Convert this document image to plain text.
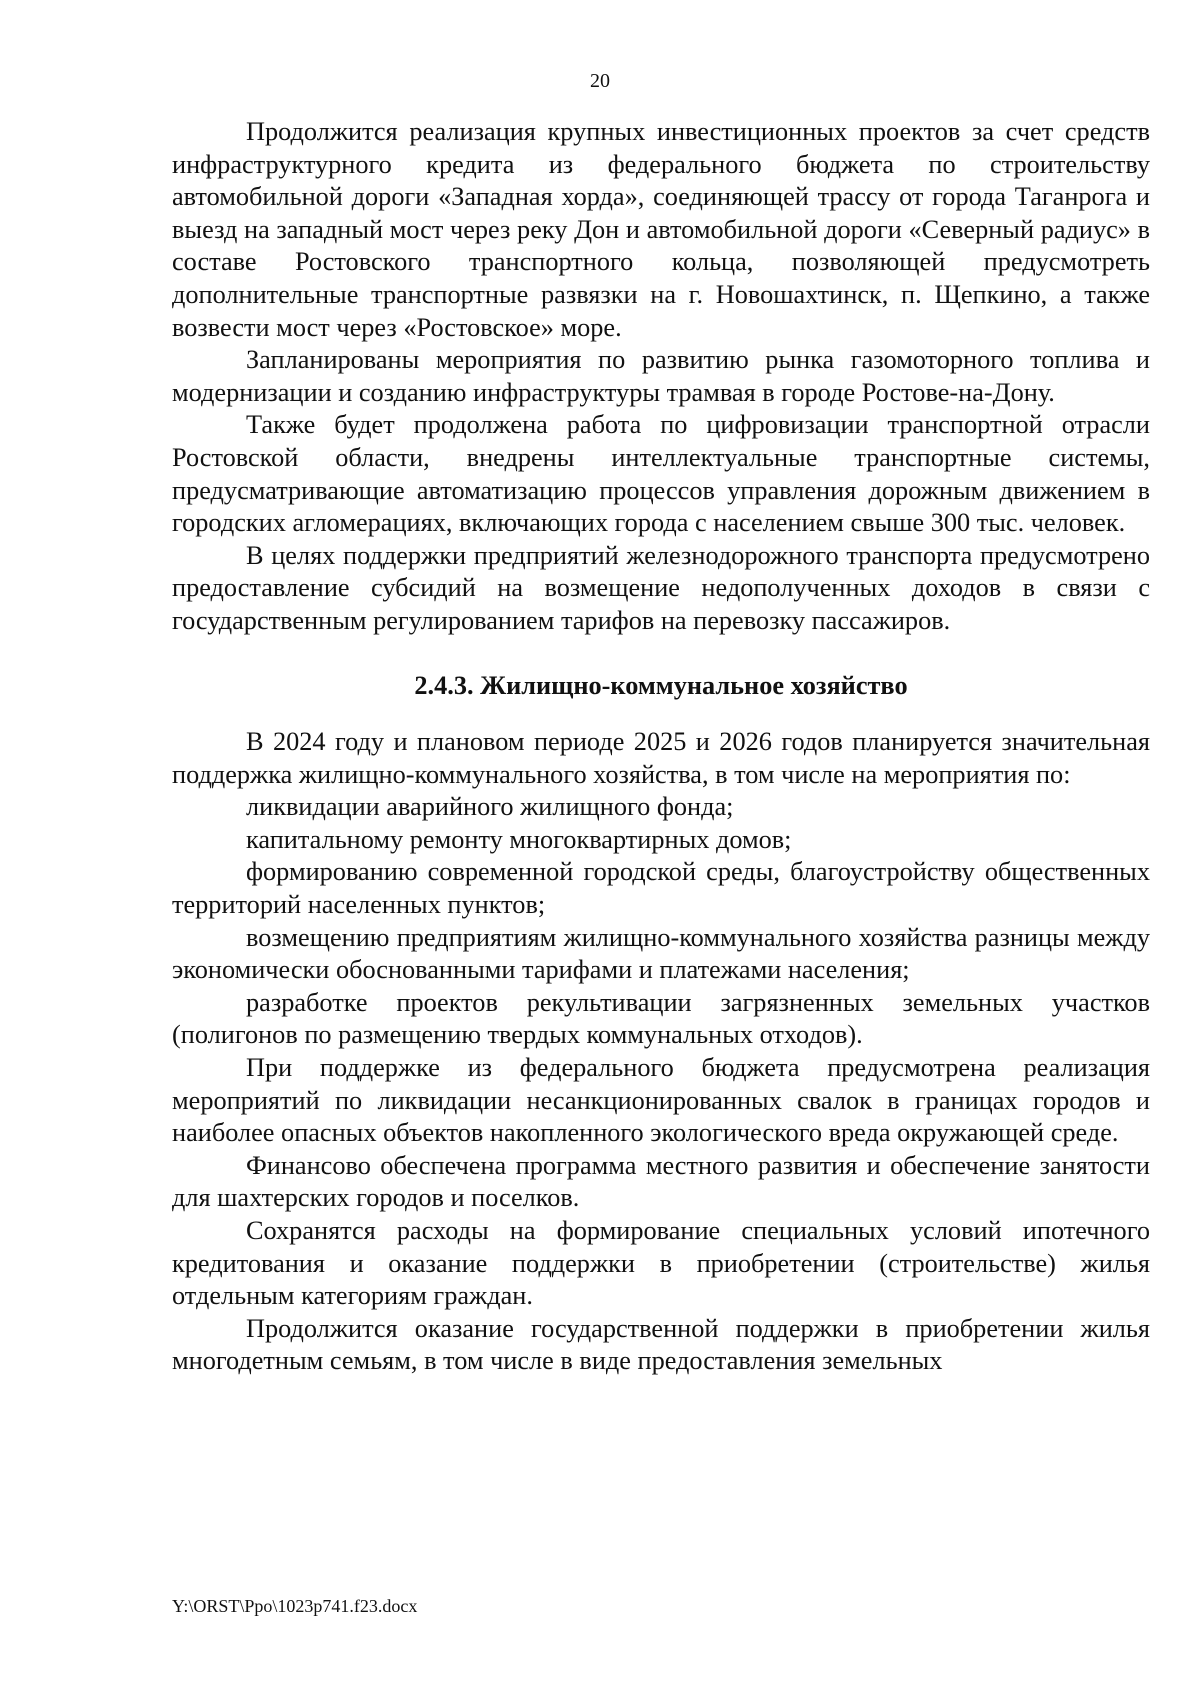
20

Продолжится реализация крупных инвестиционных проектов за счет средств инфраструктурного кредита из федерального бюджета по строительству автомобильной дороги «Западная хорда», соединяющей трассу от города Таганрога и выезд на западный мост через реку Дон и автомобильной дороги «Северный радиус» в составе Ростовского транспортного кольца, позволяющей предусмотреть дополнительные транспортные развязки на г. Новошахтинск, п. Щепкино, а также возвести мост через «Ростовское» море.

Запланированы мероприятия по развитию рынка газомоторного топлива и модернизации и созданию инфраструктуры трамвая в городе Ростове-на-Дону.

Также будет продолжена работа по цифровизации транспортной отрасли Ростовской области, внедрены интеллектуальные транспортные системы, предусматривающие автоматизацию процессов управления дорожным движением в городских агломерациях, включающих города с населением свыше 300 тыс. человек.

В целях поддержки предприятий железнодорожного транспорта предусмотрено предоставление субсидий на возмещение недополученных доходов в связи с государственным регулированием тарифов на перевозку пассажиров.

2.4.3. Жилищно-коммунальное хозяйство

В 2024 году и плановом периоде 2025 и 2026 годов планируется значительная поддержка жилищно-коммунального хозяйства, в том числе на мероприятия по:

ликвидации аварийного жилищного фонда;

капитальному ремонту многоквартирных домов;

формированию современной городской среды, благоустройству общественных территорий населенных пунктов;

возмещению предприятиям жилищно-коммунального хозяйства разницы между экономически обоснованными тарифами и платежами населения;

разработке проектов рекультивации загрязненных земельных участков (полигонов по размещению твердых коммунальных отходов).

При поддержке из федерального бюджета предусмотрена реализация мероприятий по ликвидации несанкционированных свалок в границах городов и наиболее опасных объектов накопленного экологического вреда окружающей среде.

Финансово обеспечена программа местного развития и обеспечение занятости для шахтерских городов и поселков.

Сохранятся расходы на формирование специальных условий ипотечного кредитования и оказание поддержки в приобретении (строительстве) жилья отдельным категориям граждан.

Продолжится оказание государственной поддержки в приобретении жилья многодетным семьям, в том числе в виде предоставления земельных

Y:\ORST\Ppo\1023p741.f23.docx
